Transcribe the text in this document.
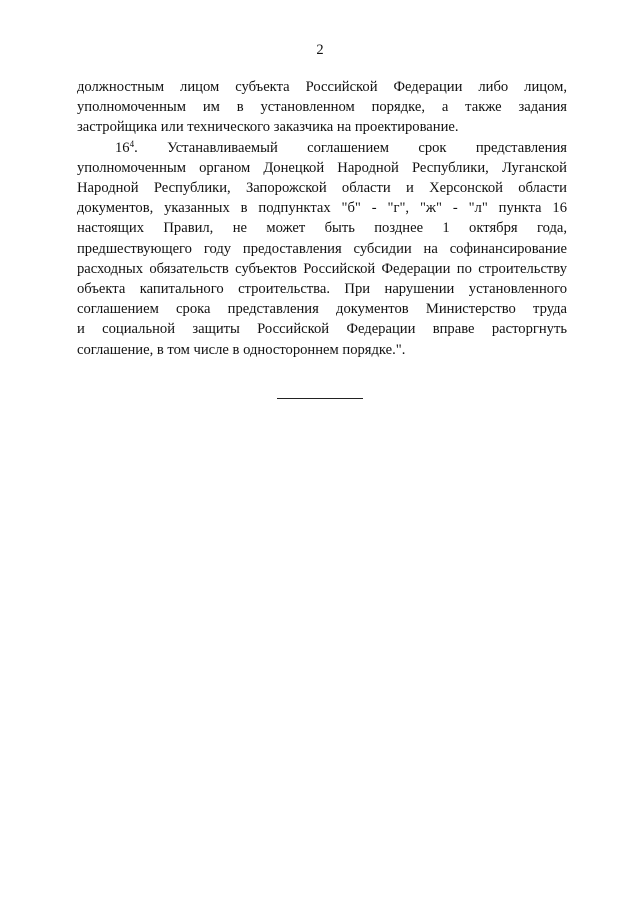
2
должностным лицом субъекта Российской Федерации либо лицом,
уполномоченным им в установленном порядке, а также задания
застройщика или технического заказчика на проектирование.
$16^4$. Устанавливаемый соглашением срок представления
уполномоченным органом Донецкой Народной Республики, Луганской
Народной Республики, Запорожской области и Херсонской области
документов, указанных в подпунктах "б" - "г", "ж" - "л" пункта 16
настоящих Правил, не может быть позднее 1 октября года,
предшествующего году предоставления субсидии на софинансирование
расходных обязательств субъектов Российской Федерации по строительству
объекта капитального строительства. При нарушении установленного
соглашением срока представления документов Министерство труда
и социальной защиты Российской Федерации вправе расторгнуть
соглашение, в том числе в одностороннем порядке.".
